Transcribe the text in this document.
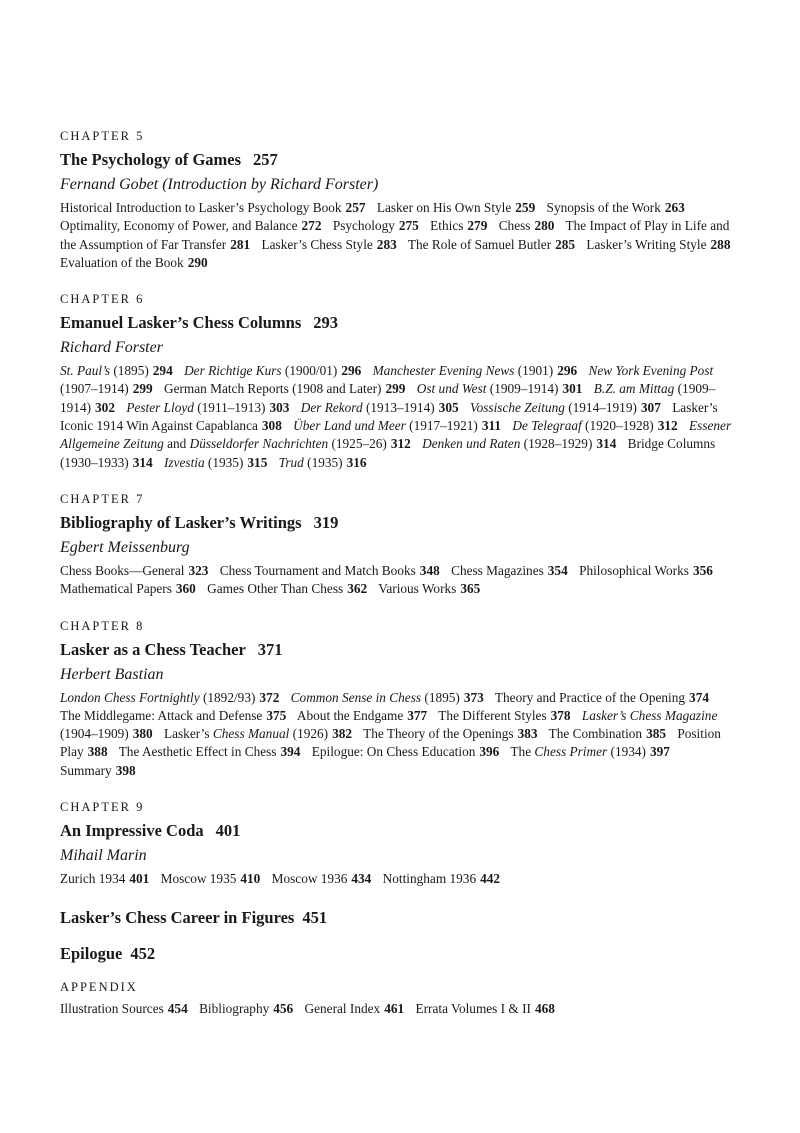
CHAPTER 5
The Psychology of Games 257
Fernand Gobet (Introduction by Richard Forster)
Historical Introduction to Lasker’s Psychology Book 257 Lasker on His Own Style 259 Synopsis of the Work 263 Optimality, Economy of Power, and Balance 272 Psychology 275 Ethics 279 Chess 280 The Impact of Play in Life and the Assumption of Far Transfer 281 Lasker’s Chess Style 283 The Role of Samuel Butler 285 Lasker’s Writing Style 288 Evaluation of the Book 290
CHAPTER 6
Emanuel Lasker’s Chess Columns 293
Richard Forster
St. Paul’s (1895) 294 Der Richtige Kurs (1900/01) 296 Manchester Evening News (1901) 296 New York Evening Post (1907–1914) 299 German Match Reports (1908 and Later) 299 Ost und West (1909–1914) 301 B.Z. am Mittag (1909–1914) 302 Pester Lloyd (1911–1913) 303 Der Rekord (1913–1914) 305 Vossische Zeitung (1914–1919) 307 Lasker’s Iconic 1914 Win Against Capablanca 308 Über Land und Meer (1917–1921) 311 De Telegraaf (1920–1928) 312 Essener Allgemeine Zeitung and Düsseldorfer Nachrichten (1925–26) 312 Denken und Raten (1928–1929) 314 Bridge Columns (1930–1933) 314 Izvestia (1935) 315 Trud (1935) 316
CHAPTER 7
Bibliography of Lasker’s Writings 319
Egbert Meissenburg
Chess Books—General 323 Chess Tournament and Match Books 348 Chess Magazines 354 Philosophical Works 356 Mathematical Papers 360 Games Other Than Chess 362 Various Works 365
CHAPTER 8
Lasker as a Chess Teacher 371
Herbert Bastian
London Chess Fortnightly (1892/93) 372 Common Sense in Chess (1895) 373 Theory and Practice of the Opening 374 The Middlegame: Attack and Defense 375 About the Endgame 377 The Different Styles 378 Lasker’s Chess Magazine (1904–1909) 380 Lasker’s Chess Manual (1926) 382 The Theory of the Openings 383 The Combination 385 Position Play 388 The Aesthetic Effect in Chess 394 Epilogue: On Chess Education 396 The Chess Primer (1934) 397 Summary 398
CHAPTER 9
An Impressive Coda 401
Mihail Marin
Zurich 1934 401 Moscow 1935 410 Moscow 1936 434 Nottingham 1936 442
Lasker’s Chess Career in Figures 451
Epilogue 452
APPENDIX
Illustration Sources 454 Bibliography 456 General Index 461 Errata Volumes I & II 468
